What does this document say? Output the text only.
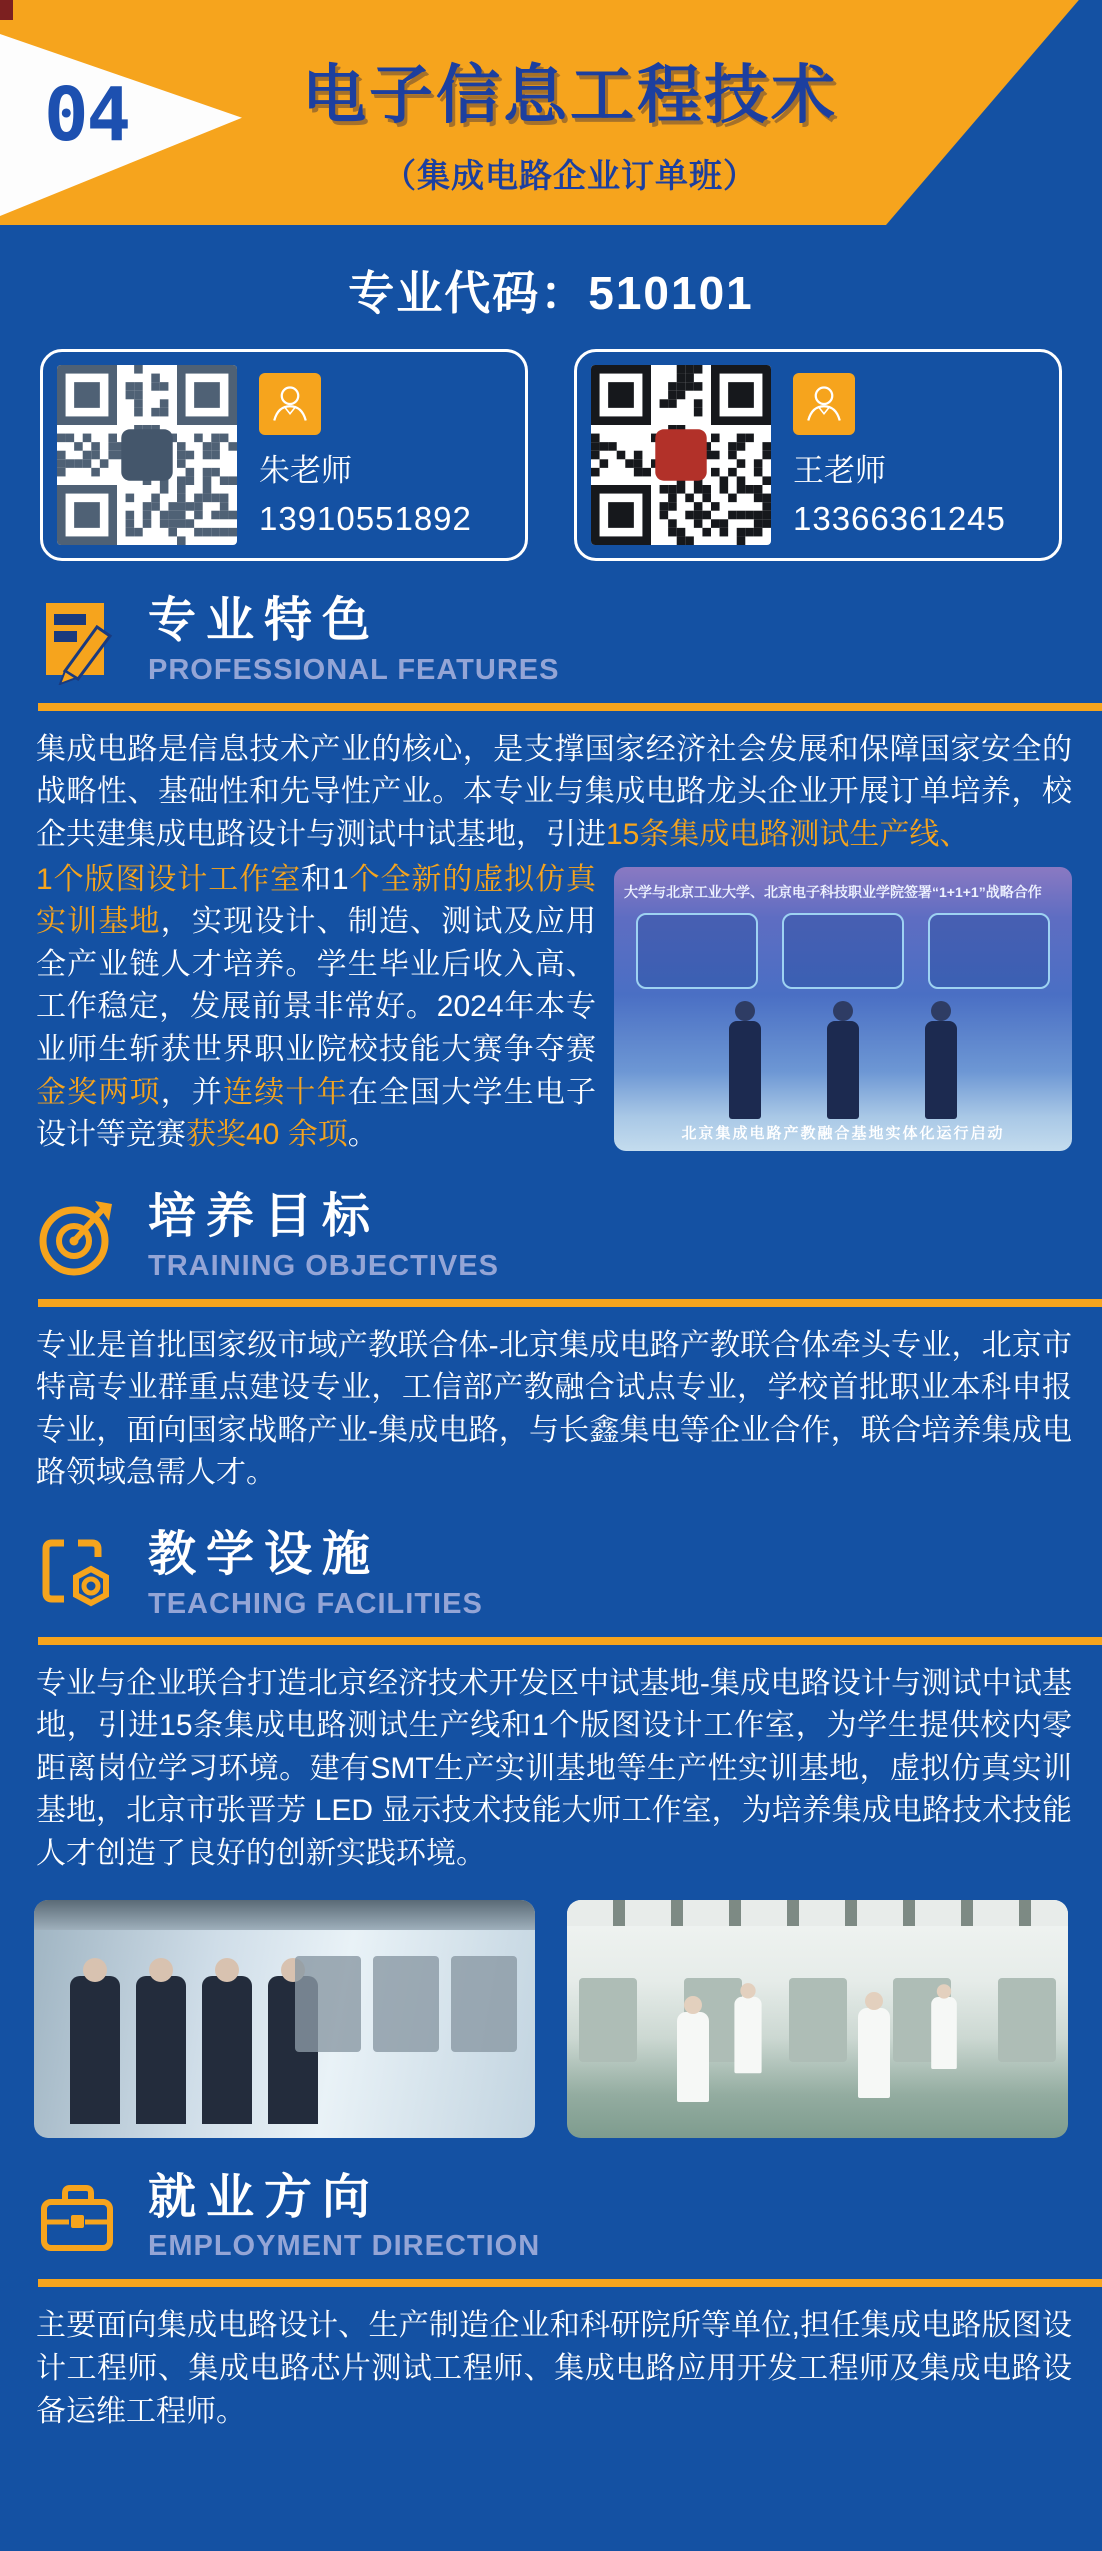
04	电子信息工程技术
（集成电路企业订单班）
专业代码：510101
朱老师
13910551892
王老师
13366361245
专业特色
PROFESSIONAL FEATURES

集成电路是信息技术产业的核心，是支撑国家经济社会发展和保障国家安全的战略性、基础性和先导性产业。本专业与集成电路龙头企业开展订单培养，校企共建集成电路设计与测试中试基地，引进15条集成电路测试生产线、

1个版图设计工作室和1个全新的虚拟仿真实训基地，实现设计、制造、测试及应用全产业链人才培养。学生毕业后收入高、工作稳定，发展前景非常好。2024年本专业师生斩获世界职业院校技能大赛争夺赛金奖两项，并连续十年在全国大学生电子设计等竞赛获奖40 余项。

大学与北京工业大学、北京电子科技职业学院签署“1+1+1”战略合作
北京集成电路产教融合基地实体化运行启动
培养目标
TRAINING OBJECTIVES

专业是首批国家级市域产教联合体-北京集成电路产教联合体牵头专业，北京市特高专业群重点建设专业，工信部产教融合试点专业，学校首批职业本科申报专业，面向国家战略产业-集成电路，与长鑫集电等企业合作，联合培养集成电路领域急需人才。

教学设施
TEACHING FACILITIES

专业与企业联合打造北京经济技术开发区中试基地-集成电路设计与测试中试基地，引进15条集成电路测试生产线和1个版图设计工作室，为学生提供校内零距离岗位学习环境。建有SMT生产实训基地等生产性实训基地，虚拟仿真实训基地，北京市张晋芳 LED 显示技术技能大师工作室，为培养集成电路技术技能人才创造了良好的创新实践环境。

就业方向
EMPLOYMENT DIRECTION

主要面向集成电路设计、生产制造企业和科研院所等单位,担任集成电路版图设计工程师、集成电路芯片测试工程师、集成电路应用开发工程师及集成电路设备运维工程师。
